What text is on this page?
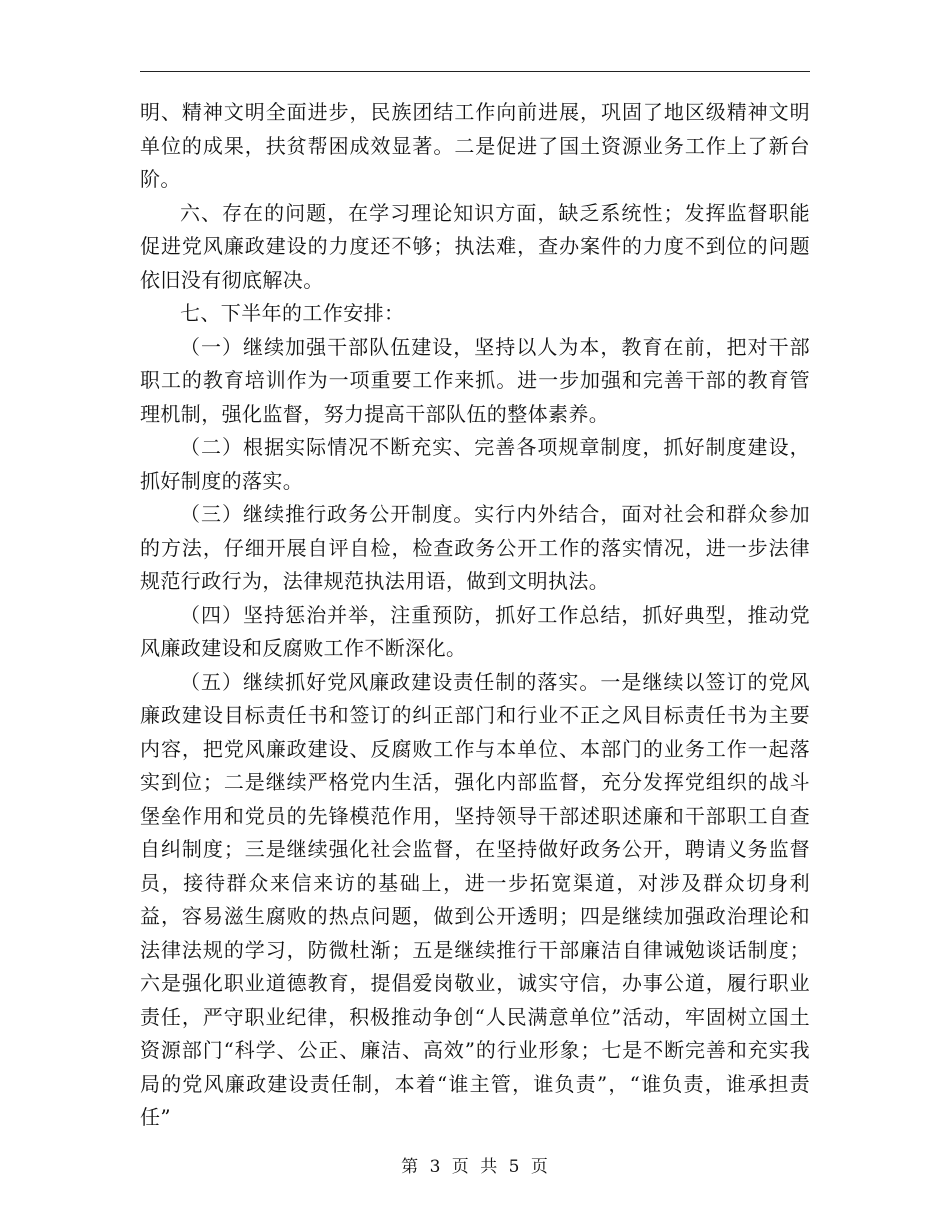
明、精神文明全面进步，民族团结工作向前进展，巩固了地区级精神文明单位的成果，扶贫帮困成效显著。二是促进了国土资源业务工作上了新台阶。

六、存在的问题，在学习理论知识方面，缺乏系统性；发挥监督职能促进党风廉政建设的力度还不够；执法难，查办案件的力度不到位的问题依旧没有彻底解决。

七、下半年的工作安排：

（一）继续加强干部队伍建设，坚持以人为本，教育在前，把对干部职工的教育培训作为一项重要工作来抓。进一步加强和完善干部的教育管理机制，强化监督，努力提高干部队伍的整体素养。

（二）根据实际情况不断充实、完善各项规章制度，抓好制度建设，抓好制度的落实。

（三）继续推行政务公开制度。实行内外结合，面对社会和群众参加的方法，仔细开展自评自检，检查政务公开工作的落实情况，进一步法律规范行政行为，法律规范执法用语，做到文明执法。

（四）坚持惩治并举，注重预防，抓好工作总结，抓好典型，推动党风廉政建设和反腐败工作不断深化。

（五）继续抓好党风廉政建设责任制的落实。一是继续以签订的党风廉政建设目标责任书和签订的纠正部门和行业不正之风目标责任书为主要内容，把党风廉政建设、反腐败工作与本单位、本部门的业务工作一起落实到位；二是继续严格党内生活，强化内部监督，充分发挥党组织的战斗堡垒作用和党员的先锋模范作用，坚持领导干部述职述廉和干部职工自查自纠制度；三是继续强化社会监督，在坚持做好政务公开，聘请义务监督员，接待群众来信来访的基础上，进一步拓宽渠道，对涉及群众切身利益，容易滋生腐败的热点问题，做到公开透明；四是继续加强政治理论和法律法规的学习，防微杜渐；五是继续推行干部廉洁自律诫勉谈话制度；六是强化职业道德教育，提倡爱岗敬业，诚实守信，办事公道，履行职业责任，严守职业纪律，积极推动争创“人民满意单位”活动，牢固树立国土资源部门“科学、公正、廉洁、高效”的行业形象；七是不断完善和充实我局的党风廉政建设责任制，本着“谁主管，谁负责”，“谁负责，谁承担责任”

第 3 页 共 5 页
